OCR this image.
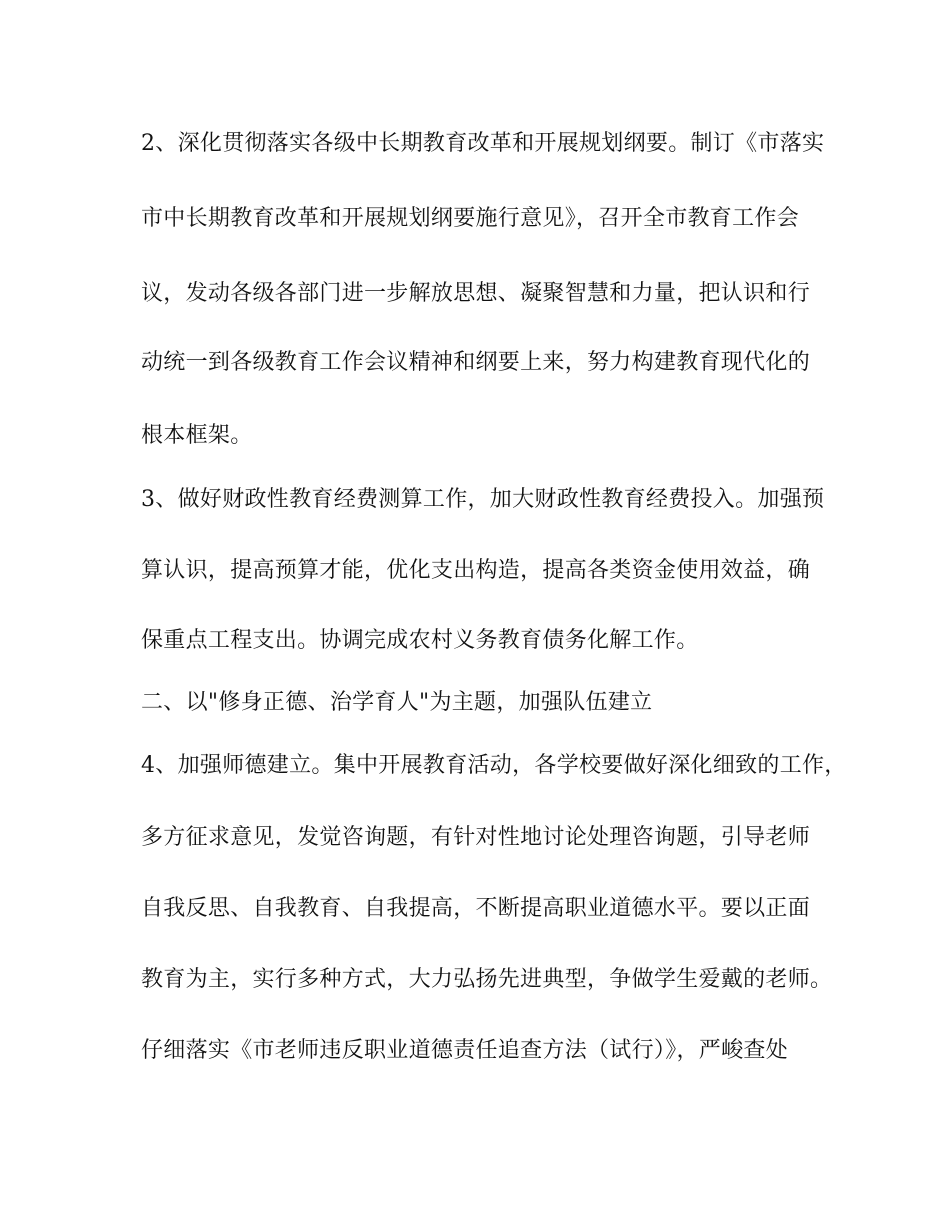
2、深化贯彻落实各级中长期教育改革和开展规划纲要。制订《市落实
市中长期教育改革和开展规划纲要施行意见》，召开全市教育工作会
议，发动各级各部门进一步解放思想、凝聚智慧和力量，把认识和行
动统一到各级教育工作会议精神和纲要上来，努力构建教育现代化的
根本框架。
3、做好财政性教育经费测算工作，加大财政性教育经费投入。加强预
算认识，提高预算才能，优化支出构造，提高各类资金使用效益，确
保重点工程支出。协调完成农村义务教育债务化解工作。
二、以"修身正德、治学育人"为主题，加强队伍建立
4、加强师德建立。集中开展教育活动，各学校要做好深化细致的工作，
多方征求意见，发觉咨询题，有针对性地讨论处理咨询题，引导老师
自我反思、自我教育、自我提高，不断提高职业道德水平。要以正面
教育为主，实行多种方式，大力弘扬先进典型，争做学生爱戴的老师。
仔细落实《市老师违反职业道德责任追查方法（试行）》，严峻查处
